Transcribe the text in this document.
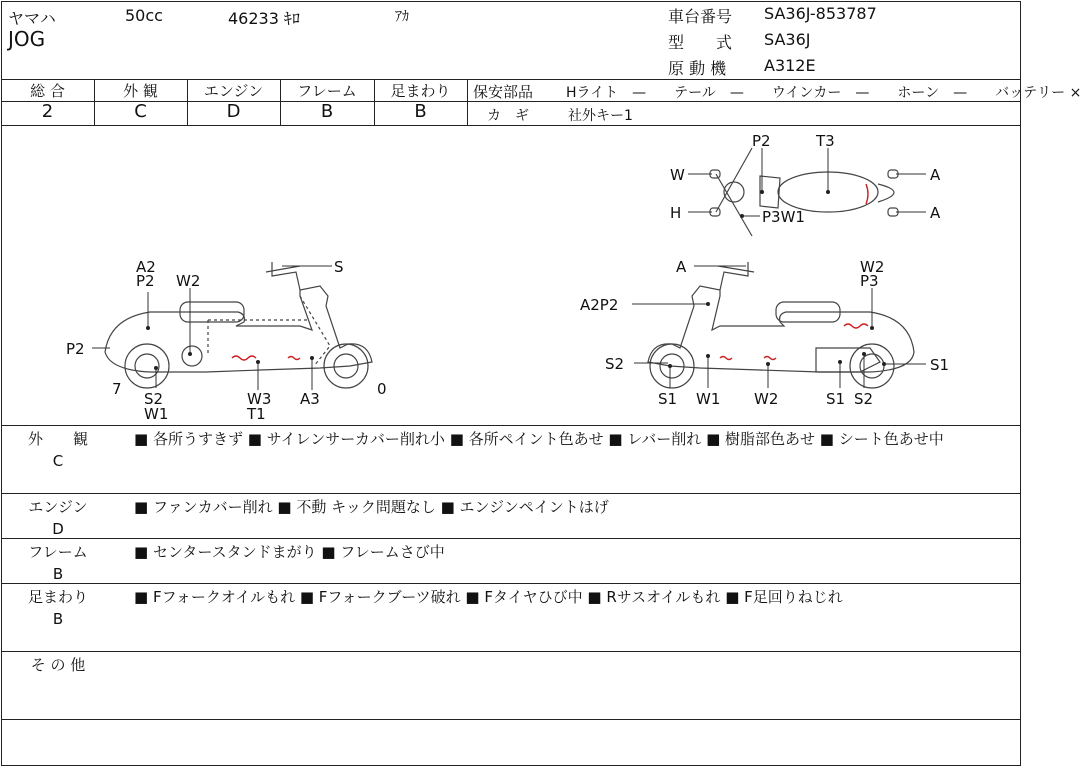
ヤマハ	50cc	46233 ｷﾛ	ｱｶ
JOG
車台番号 SA36J-853787
型　　式 SA36J
原 動 機 A312E
総 合	外 観	エンジン	フレーム	足まわり
2	C	D	B	B
保安部品 Hライト　—　　テール　—　　ウインカー　—　　ホーン　—　　バッテリー ×
カ　ギ	社外キー1
A2
P2 W2
S
P2
7
S2
W1
W3
T1
A3
0
A
A2P2
W2
P3
S2	S1
S1 W1 W2	S1 S2
P2	T3
W	A
H	P3W1	A
外　　観
C
■ 各所うすきず ■ サイレンサーカバー削れ小 ■ 各所ペイント色あせ ■ レバー削れ ■ 樹脂部色あせ ■ シート色あせ中
エンジン
D
■ ファンカバー削れ ■ 不動 キック問題なし ■ エンジンペイントはげ
フレーム
B
■ センタースタンドまがり ■ フレームさび中
足まわり
B
■ Fフォークオイルもれ ■ Fフォークブーツ破れ ■ Fタイヤひび中 ■ Rサスオイルもれ ■ F足回りねじれ
そ の 他
